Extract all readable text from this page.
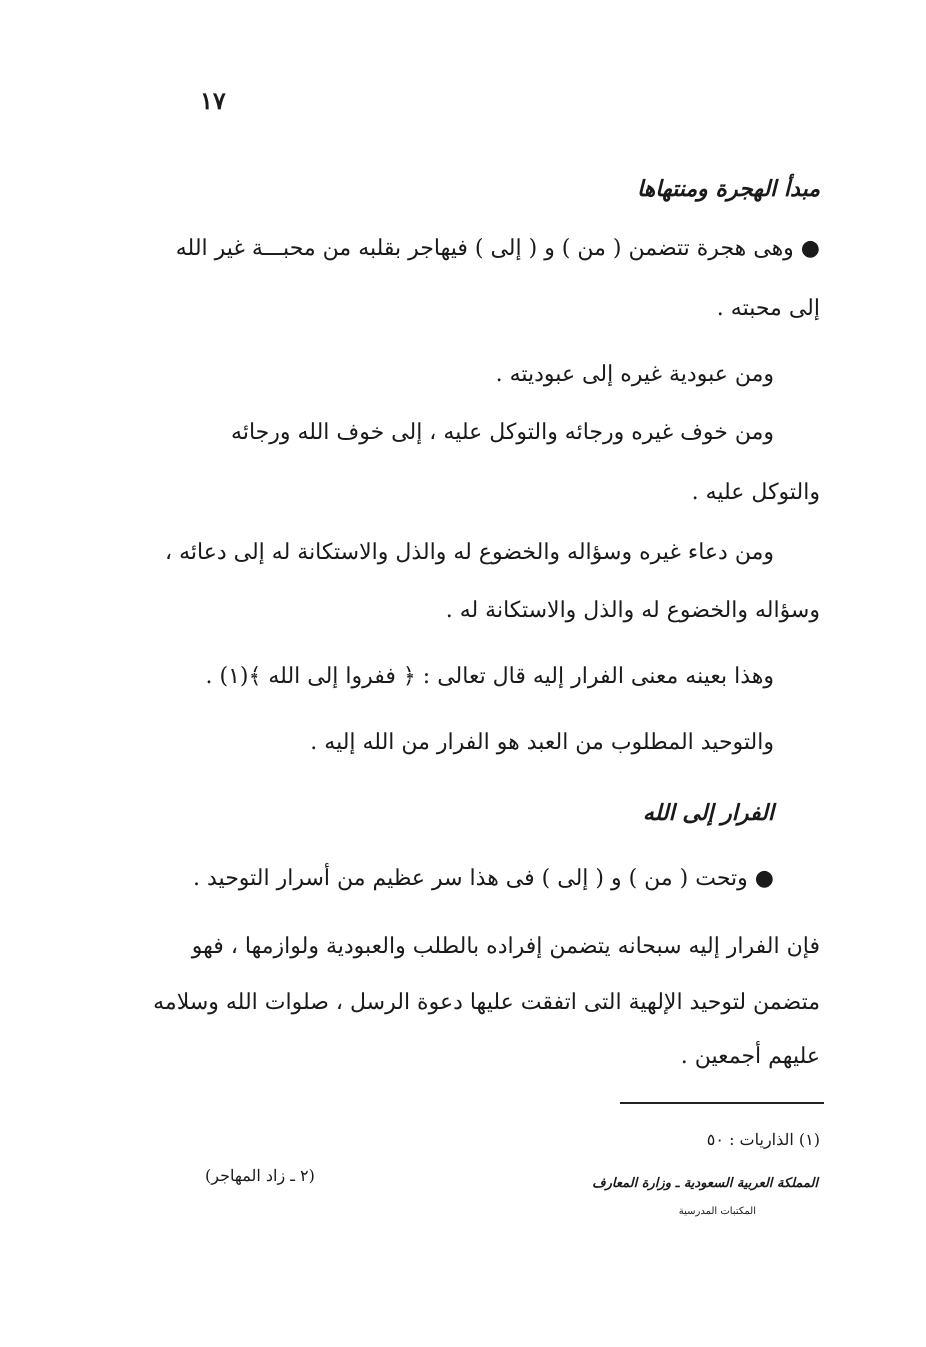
١٧
مبدأ الهجرة ومنتهاها
● وهى هجرة تتضمن ( من ) و ( إلى ) فيهاجر بقلبه من محبـــة غير الله
إلى محبته .
ومن عبودية غيره إلى عبوديته .
ومن خوف غيره ورجائه والتوكل عليه ، إلى خوف الله ورجائه
والتوكل عليه .
ومن دعاء غيره وسؤاله والخضوع له والذل والاستكانة له إلى دعائه ،
وسؤاله والخضوع له والذل والاستكانة له .
وهذا بعينه معنى الفرار إليه قال تعالى : ﴿ ففروا إلى الله ﴾(١) .
والتوحيد المطلوب من العبد هو الفرار من الله إليه .
الفرار إلى الله
● وتحت ( من ) و ( إلى ) فى هذا سر عظيم من أسرار التوحيد .
فإن الفرار إليه سبحانه يتضمن إفراده بالطلب والعبودية ولوازمها ، فهو
متضمن لتوحيد الإلهية التى اتفقت عليها دعوة الرسل ، صلوات الله وسلامه
عليهم أجمعين .
(١) الذاريات : ٥٠
(٢ ـ زاد المهاجر)	المملكة العربية السعودية ـ وزارة المعارف
المكتبات المدرسية
